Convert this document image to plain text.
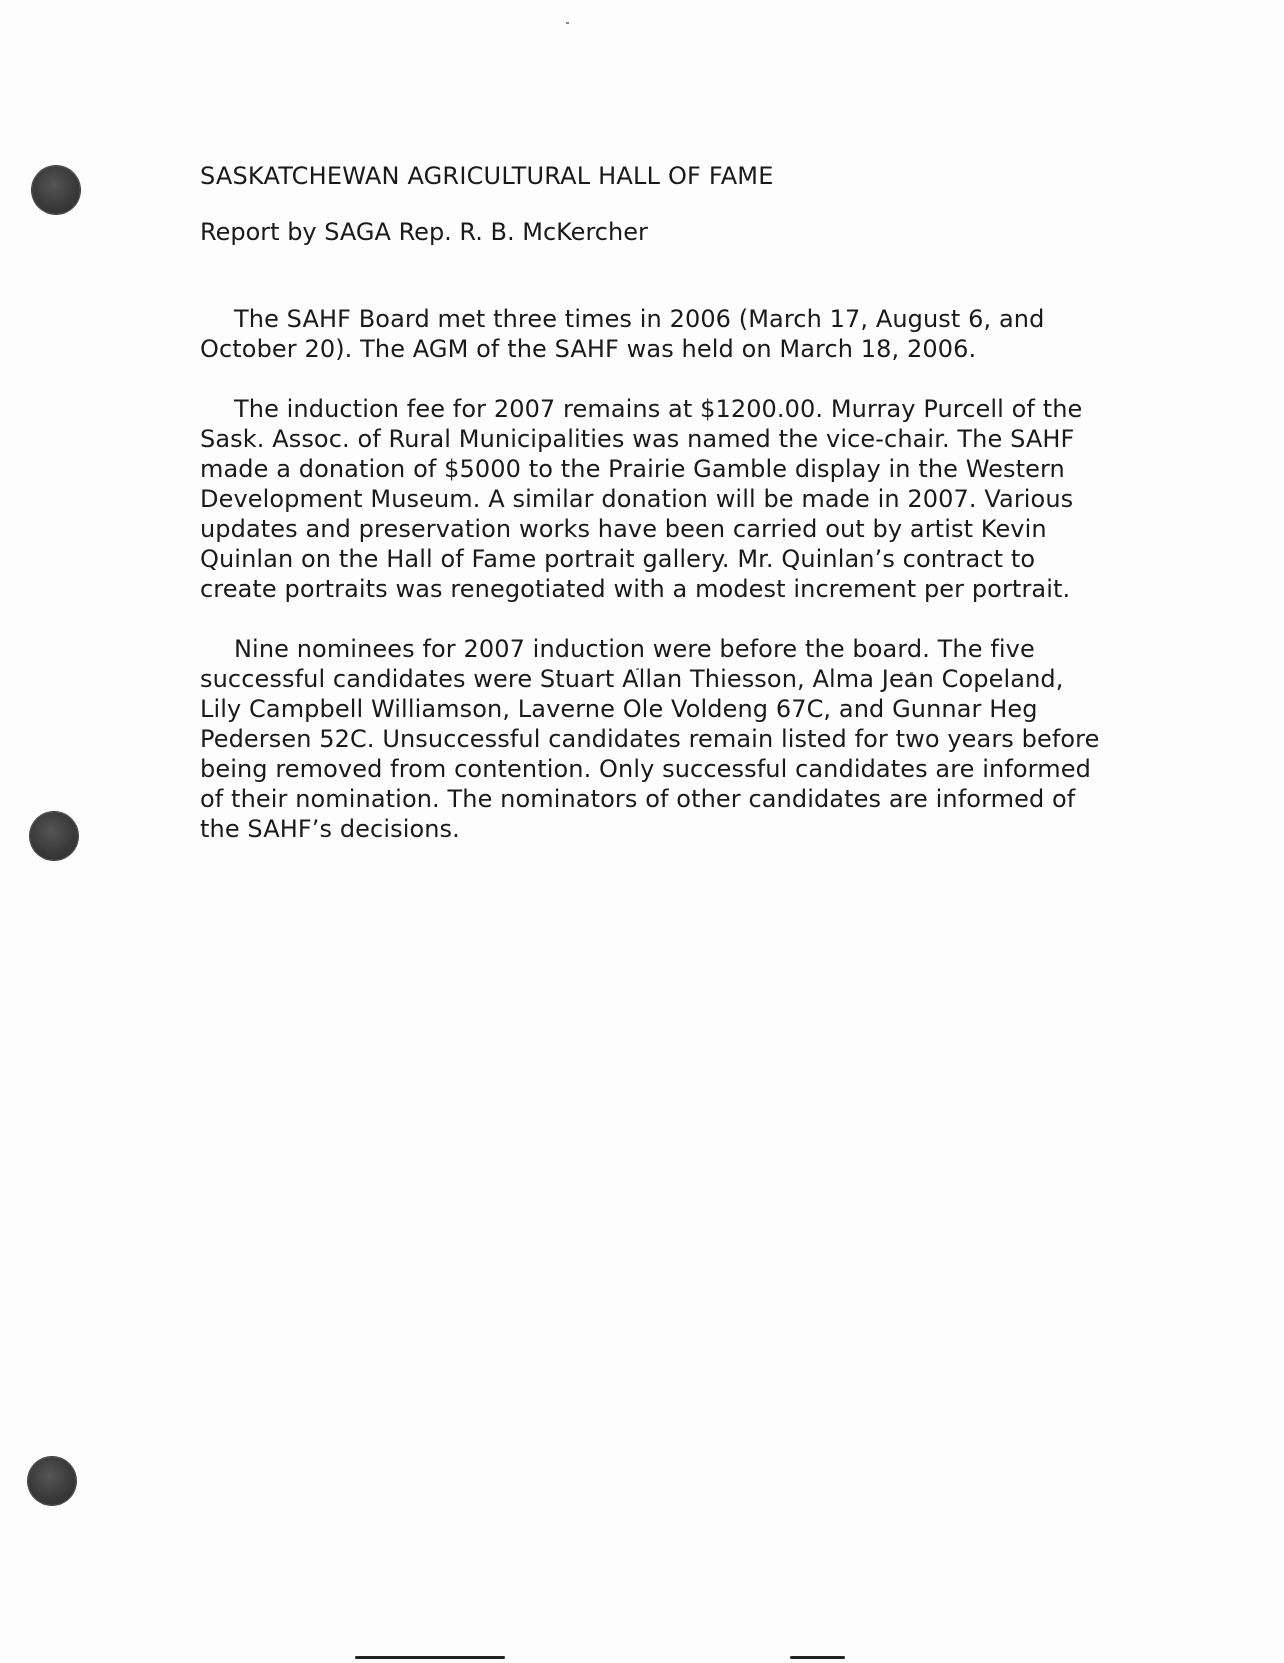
SASKATCHEWAN AGRICULTURAL HALL OF FAME
Report by SAGA Rep. R. B. McKercher

The SAHF Board met three times in 2006 (March 17, August 6, and October 20). The AGM of the SAHF was held on March 18, 2006.

The induction fee for 2007 remains at $1200.00. Murray Purcell of the Sask. Assoc. of Rural Municipalities was named the vice-chair. The SAHF made a donation of $5000 to the Prairie Gamble display in the Western Development Museum. A similar donation will be made in 2007. Various updates and preservation works have been carried out by artist Kevin Quinlan on the Hall of Fame portrait gallery. Mr. Quinlan’s contract to create portraits was renegotiated with a modest increment per portrait.

Nine nominees for 2007 induction were before the board. The five successful candidates were Stuart Allan Thiesson, Alma Jean Copeland, Lily Campbell Williamson, Laverne Ole Voldeng 67C, and Gunnar Heg Pedersen 52C. Unsuccessful candidates remain listed for two years before being removed from contention. Only successful candidates are informed of their nomination. The nominators of other candidates are informed of the SAHF’s decisions.
